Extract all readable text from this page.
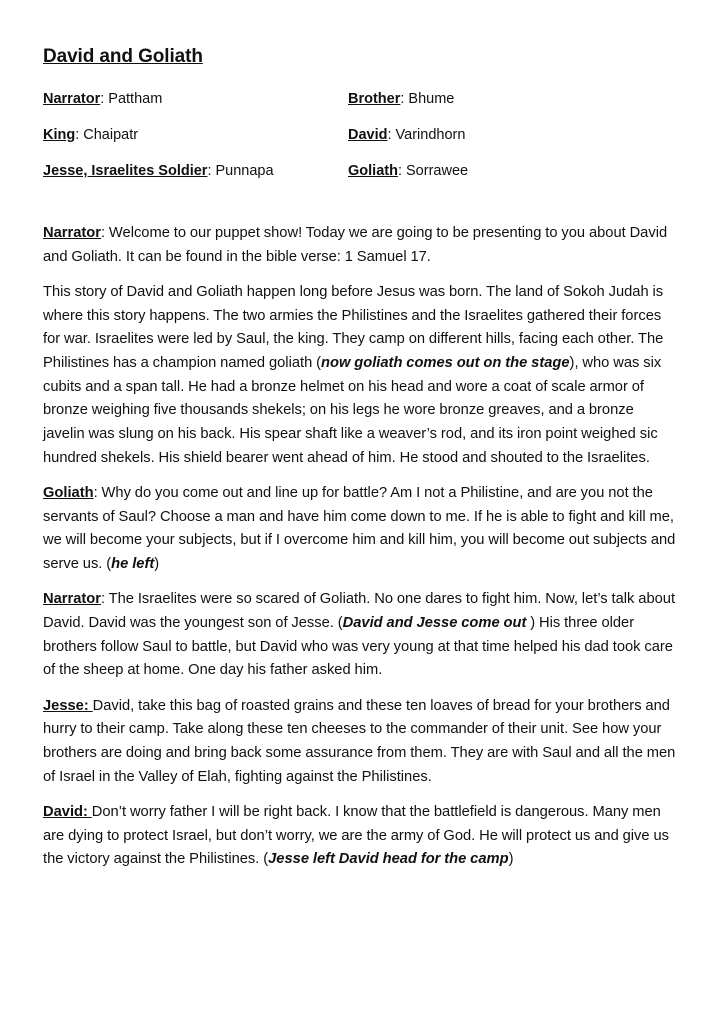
David and Goliath
Narrator: Pattham
King: Chaipatr
Jesse, Israelites Soldier: Punnapa
Brother: Bhume
David: Varindhorn
Goliath: Sorrawee

Narrator: Welcome to our puppet show! Today we are going to be presenting to you about David and Goliath. It can be found in the bible verse: 1 Samuel 17.

This story of David and Goliath happen long before Jesus was born. The land of Sokoh Judah is where this story happens. The two armies the Philistines and the Israelites gathered their forces for war. Israelites were led by Saul, the king. They camp on different hills, facing each other. The Philistines has a champion named goliath (now goliath comes out on the stage), who was six cubits and a span tall. He had a bronze helmet on his head and wore a coat of scale armor of bronze weighing five thousands shekels; on his legs he wore bronze greaves, and a bronze javelin was slung on his back. His spear shaft like a weaver’s rod, and its iron point weighed sic hundred shekels. His shield bearer went ahead of him. He stood and shouted to the Israelites.

Goliath: Why do you come out and line up for battle? Am I not a Philistine, and are you not the servants of Saul? Choose a man and have him come down to me. If he is able to fight and kill me, we will become your subjects, but if I overcome him and kill him, you will become out subjects and serve us. (he left)

Narrator: The Israelites were so scared of Goliath. No one dares to fight him. Now, let’s talk about David. David was the youngest son of Jesse. (David and Jesse come out ) His three older brothers follow Saul to battle, but David who was very young at that time helped his dad took care of the sheep at home. One day his father asked him.

Jesse: David, take this bag of roasted grains and these ten loaves of bread for your brothers and hurry to their camp. Take along these ten cheeses to the commander of their unit. See how your brothers are doing and bring back some assurance from them. They are with Saul and all the men of Israel in the Valley of Elah, fighting against the Philistines.

David: Don’t worry father I will be right back. I know that the battlefield is dangerous. Many men are dying to protect Israel, but don’t worry, we are the army of God. He will protect us and give us the victory against the Philistines. (Jesse left David head for the camp)
